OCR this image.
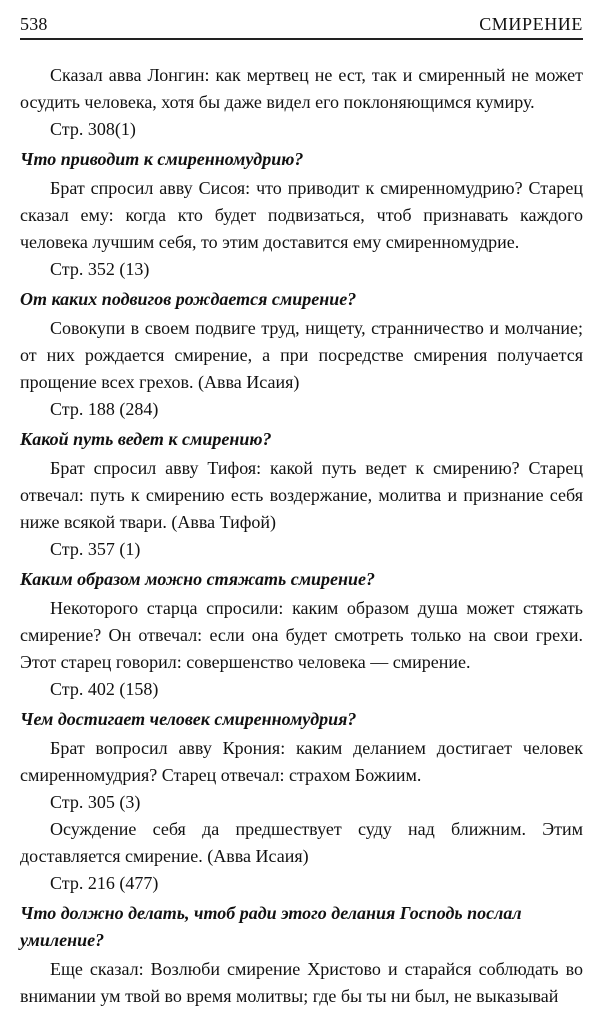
538	СМИРЕНИЕ

Сказал авва Лонгин: как мертвец не ест, так и смиренный не может осудить человека, хотя бы даже видел его поклоняющимся кумиру.

Стр. 308(1)

Что приводит к смиренномудрию?

Брат спросил авву Сисоя: что приводит к смиренномудрию? Старец сказал ему: когда кто будет подвизаться, чтоб признавать каждого человека лучшим себя, то этим доставится ему смиренномудрие.

Стр. 352 (13)

От каких подвигов рождается смирение?

Совокупи в своем подвиге труд, нищету, странничество и молчание; от них рождается смирение, а при посредстве смирения получается прощение всех грехов. (Авва Исаия)

Стр. 188 (284)

Какой путь ведет к смирению?

Брат спросил авву Тифоя: какой путь ведет к смирению? Старец отвечал: путь к смирению есть воздержание, молитва и признание себя ниже всякой твари. (Авва Тифой)

Стр. 357 (1)

Каким образом можно стяжать смирение?

Некоторого старца спросили: каким образом душа может стяжать смирение? Он отвечал: если она будет смотреть только на свои грехи. Этот старец говорил: совершенство человека — смирение.

Стр. 402 (158)

Чем достигает человек смиренномудрия?

Брат вопросил авву Крония: каким деланием достигает человек смиренномудрия? Старец отвечал: страхом Божиим.

Стр. 305 (3)

Осуждение себя да предшествует суду над ближним. Этим доставляется смирение. (Авва Исаия)

Стр. 216 (477)

Что должно делать, чтоб ради этого делания Господь послал умиление?

Еще сказал: Возлюби смирение Христово и старайся соблюдать во внимании ум твой во время молитвы; где бы ты ни был, не выказывай
